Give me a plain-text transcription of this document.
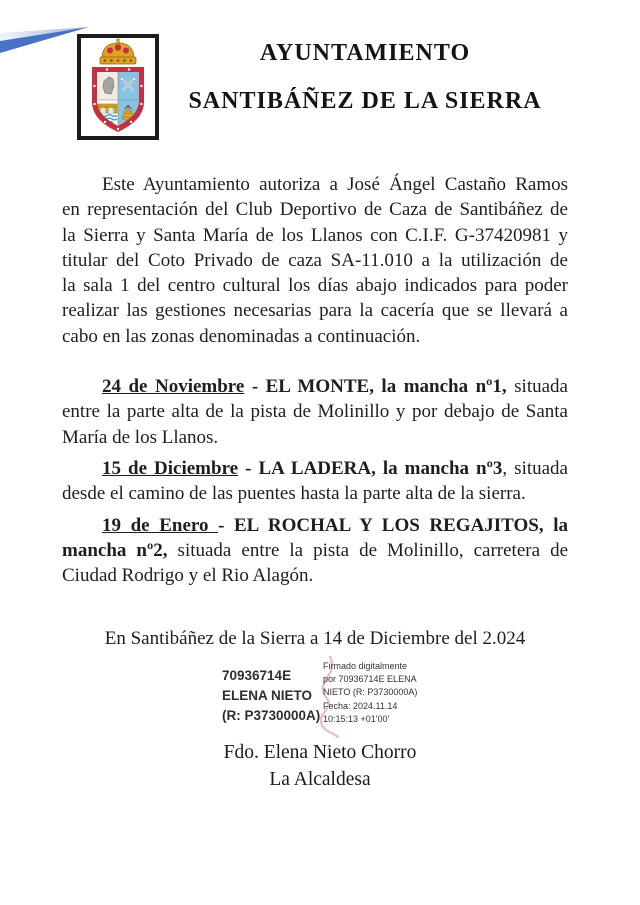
AYUNTAMIENTO
SANTIBÁÑEZ DE LA SIERRA
Este Ayuntamiento autoriza a José Ángel Castaño Ramos
en representación del Club Deportivo de Caza de Santibáñez de
la Sierra y Santa María de los Llanos con C.I.F. G-37420981 y
titular del Coto Privado de caza SA-11.010 a la utilización de
la sala 1 del centro cultural los días abajo indicados para poder
realizar las gestiones necesarias para la cacería que se llevará a
cabo en las zonas denominadas a continuación.
24 de Noviembre - EL MONTE, la mancha nº1, situada
entre la parte alta de la pista de Molinillo y por debajo de Santa
María de los Llanos.
15 de Diciembre - LA LADERA, la mancha nº3, situada
desde el camino de las puentes hasta la parte alta de la sierra.
19 de Enero - EL ROCHAL Y LOS REGAJITOS, la
mancha nº2, situada entre la pista de Molinillo, carretera de
Ciudad Rodrigo y el Rio Alagón.
En Santibáñez de la Sierra a 14 de Diciembre del 2.024
70936714E
ELENA NIETO
(R: P3730000A)
Firmado digitalmente
por 70936714E ELENA
NIETO (R: P3730000A)
Fecha: 2024.11.14
10:15:13 +01'00'
Fdo. Elena Nieto Chorro
La Alcaldesa
